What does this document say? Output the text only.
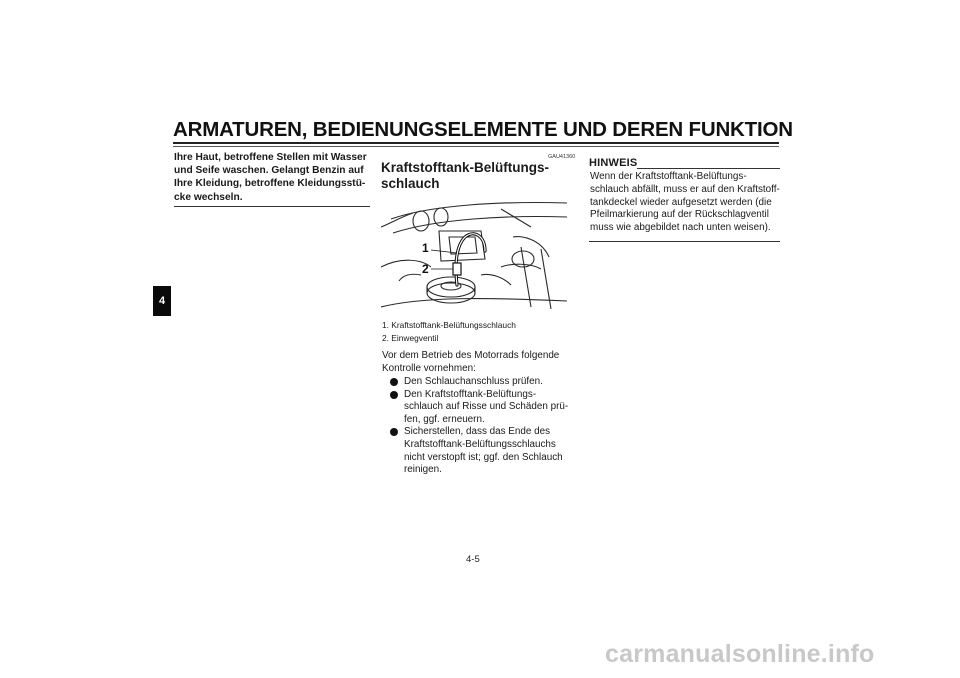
ARMATUREN, BEDIENUNGSELEMENTE UND DEREN FUNKTION
4
Ihre Haut, betroffene Stellen mit Wasser und Seife waschen. Gelangt Benzin auf Ihre Kleidung, betroffene Kleidungsstü-cke wechseln.
GAU41360
Kraftstofftank-Belüftungs-
schlauch
1
2
1. Kraftstofftank-Belüftungsschlauch
2. Einwegventil
Vor dem Betrieb des Motorrads folgende Kontrolle vornehmen:
Den Schlauchanschluss prüfen.
Den Kraftstofftank-Belüftungs-schlauch auf Risse und Schäden prü-fen, ggf. erneuern.
Sicherstellen, dass das Ende des Kraftstofftank-Belüftungsschlauchs nicht verstopft ist; ggf. den Schlauch reinigen.
HINWEIS
Wenn der Kraftstofftank-Belüftungs-schlauch abfällt, muss er auf den Kraftstoff-tankdeckel wieder aufgesetzt werden (die Pfeilmarkierung auf der Rückschlagventil muss wie abgebildet nach unten weisen).
4-5
carmanualsonline.info
